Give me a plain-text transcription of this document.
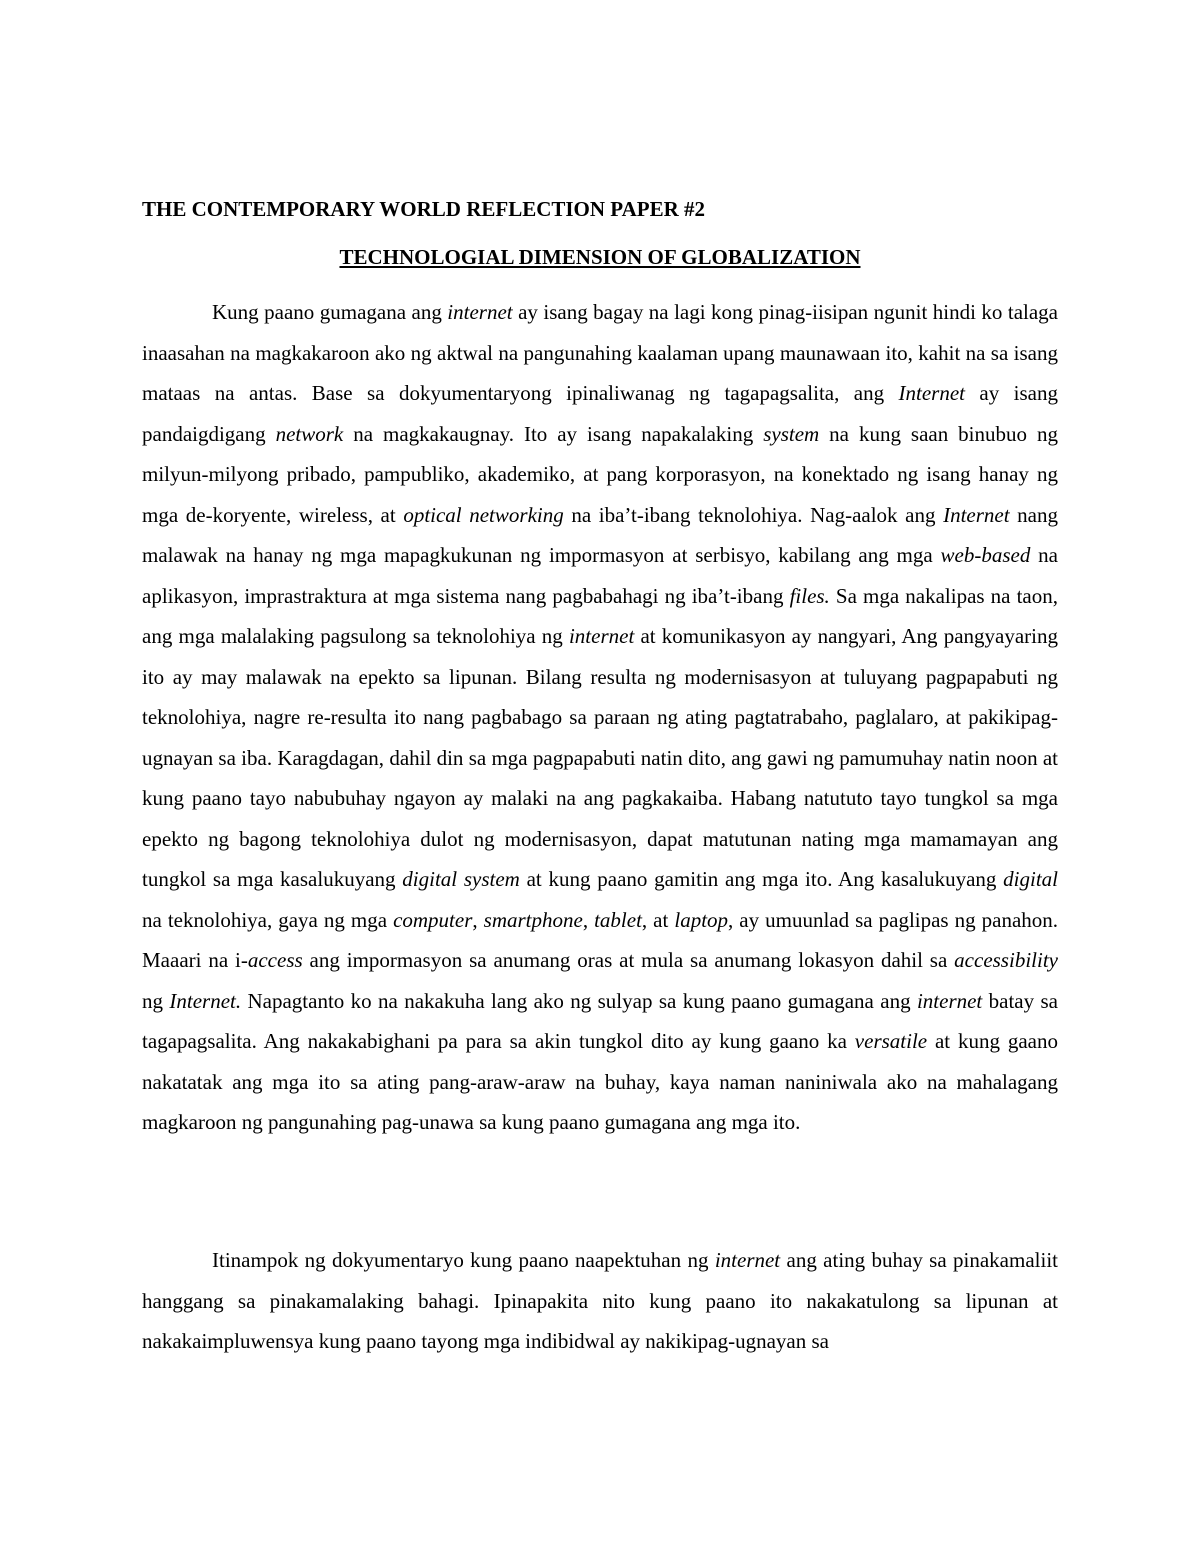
THE CONTEMPORARY WORLD REFLECTION PAPER #2
TECHNOLOGIAL DIMENSION OF GLOBALIZATION

Kung paano gumagana ang internet ay isang bagay na lagi kong pinag-iisipan ngunit hindi ko talaga inaasahan na magkakaroon ako ng aktwal na pangunahing kaalaman upang maunawaan ito, kahit na sa isang mataas na antas. Base sa dokyumentaryong ipinaliwanag ng tagapagsalita, ang Internet ay isang pandaigdigang network na magkakaugnay. Ito ay isang napakalaking system na kung saan binubuo ng milyun-milyong pribado, pampubliko, akademiko, at pang korporasyon, na konektado ng isang hanay ng mga de-koryente, wireless, at optical networking na iba’t-ibang teknolohiya. Nag-aalok ang Internet nang malawak na hanay ng mga mapagkukunan ng impormasyon at serbisyo, kabilang ang mga web-based na aplikasyon, imprastraktura at mga sistema nang pagbabahagi ng iba’t-ibang files. Sa mga nakalipas na taon, ang mga malalaking pagsulong sa teknolohiya ng internet at komunikasyon ay nangyari, Ang pangyayaring ito ay may malawak na epekto sa lipunan. Bilang resulta ng modernisasyon at tuluyang pagpapabuti ng teknolohiya, nagre re-resulta ito nang pagbabago sa paraan ng ating pagtatrabaho, paglalaro, at pakikipag-ugnayan sa iba. Karagdagan, dahil din sa mga pagpapabuti natin dito, ang gawi ng pamumuhay natin noon at kung paano tayo nabubuhay ngayon ay malaki na ang pagkakaiba. Habang natututo tayo tungkol sa mga epekto ng bagong teknolohiya dulot ng modernisasyon, dapat matutunan nating mga mamamayan ang tungkol sa mga kasalukuyang digital system at kung paano gamitin ang mga ito. Ang kasalukuyang digital na teknolohiya, gaya ng mga computer, smartphone, tablet, at laptop, ay umuunlad sa paglipas ng panahon. Maaari na i-access ang impormasyon sa anumang oras at mula sa anumang lokasyon dahil sa accessibility ng Internet. Napagtanto ko na nakakuha lang ako ng sulyap sa kung paano gumagana ang internet batay sa tagapagsalita. Ang nakakabighani pa para sa akin tungkol dito ay kung gaano ka versatile at kung gaano nakatatak ang mga ito sa ating pang-araw-araw na buhay, kaya naman naniniwala ako na mahalagang magkaroon ng pangunahing pag-unawa sa kung paano gumagana ang mga ito.

Itinampok ng dokyumentaryo kung paano naapektuhan ng internet ang ating buhay sa pinakamaliit hanggang sa pinakamalaking bahagi. Ipinapakita nito kung paano ito nakakatulong sa lipunan at nakakaimpluwensya kung paano tayong mga indibidwal ay nakikipag-ugnayan sa
